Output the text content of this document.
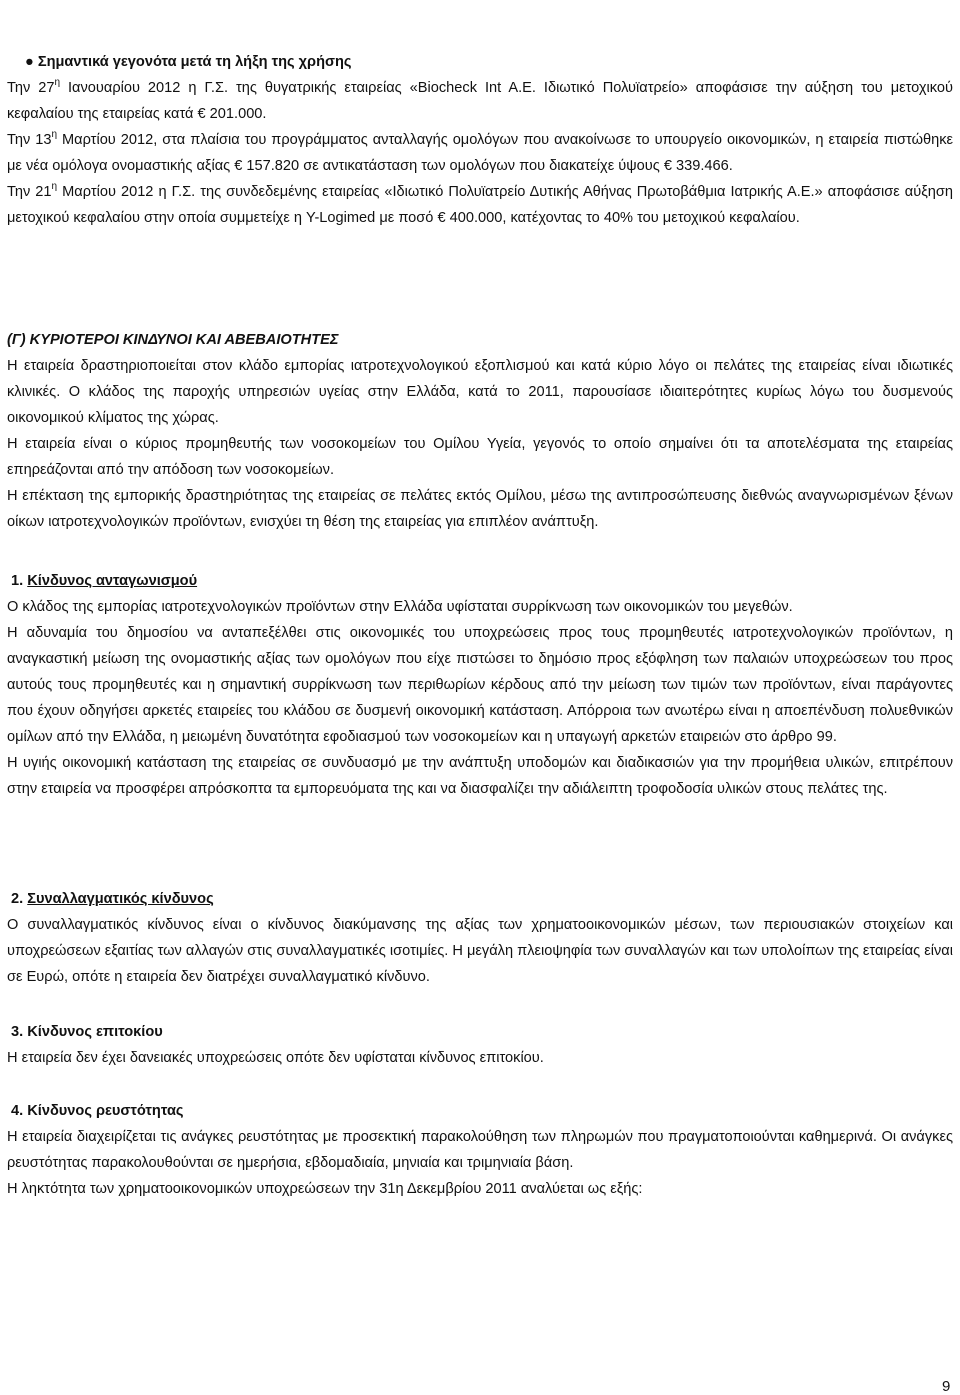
● Σημαντικά γεγονότα μετά τη λήξη της χρήσης

Την $27^\eta$ Ιανουαρίου 2012 η Γ.Σ. της θυγατρικής εταιρείας «Biocheck Int A.E. Ιδιωτικό Πολυϊατρείο» αποφάσισε την αύξηση του μετοχικού κεφαλαίου της εταιρείας κατά € 201.000.

Την $13^\eta$ Μαρτίου 2012, στα πλαίσια του προγράμματος ανταλλαγής ομολόγων που ανακοίνωσε το υπουργείο οικονομικών, η εταιρεία πιστώθηκε με νέα ομόλογα ονομαστικής αξίας € 157.820 σε αντικατάσταση των ομολόγων που διακατείχε ύψους € 339.466.

Την $21^\eta$ Μαρτίου 2012 η Γ.Σ. της συνδεδεμένης εταιρείας «Ιδιωτικό Πολυϊατρείο Δυτικής Αθήνας Πρωτοβάθμια Ιατρικής Α.Ε.» αποφάσισε αύξηση μετοχικού κεφαλαίου στην οποία συμμετείχε η Y-Logimed με ποσό € 400.000, κατέχοντας το 40% του μετοχικού κεφαλαίου.

(Γ) ΚΥΡΙΟΤΕΡΟΙ ΚΙΝΔΥΝΟΙ ΚΑΙ ΑΒΕΒΑΙΟΤΗΤΕΣ

Η εταιρεία δραστηριοποιείται στον κλάδο εμπορίας ιατροτεχνολογικού εξοπλισμού και κατά κύριο λόγο οι πελάτες της εταιρείας είναι ιδιωτικές κλινικές. Ο κλάδος της παροχής υπηρεσιών υγείας στην Ελλάδα, κατά το 2011, παρουσίασε ιδιαιτερότητες κυρίως λόγω του δυσμενούς οικονομικού κλίματος της χώρας.

Η εταιρεία είναι ο κύριος προμηθευτής των νοσοκομείων του Ομίλου Υγεία, γεγονός το οποίο σημαίνει ότι τα αποτελέσματα της εταιρείας επηρεάζονται από την απόδοση των νοσοκομείων.

Η επέκταση της εμπορικής δραστηριότητας της εταιρείας σε πελάτες εκτός Ομίλου, μέσω της αντιπροσώπευσης διεθνώς αναγνωρισμένων ξένων οίκων ιατροτεχνολογικών προϊόντων, ενισχύει τη θέση της εταιρείας για επιπλέον ανάπτυξη.

1. Κίνδυνος ανταγωνισμού

Ο κλάδος της εμπορίας ιατροτεχνολογικών προϊόντων στην Ελλάδα υφίσταται συρρίκνωση των οικονομικών του μεγεθών.

Η αδυναμία του δημοσίου να ανταπεξέλθει στις οικονομικές του υποχρεώσεις προς τους προμηθευτές ιατροτεχνολογικών προϊόντων, η αναγκαστική μείωση της ονομαστικής αξίας των ομολόγων που είχε πιστώσει το δημόσιο προς εξόφληση των παλαιών υποχρεώσεων του προς αυτούς τους προμηθευτές και η σημαντική συρρίκνωση των περιθωρίων κέρδους από την μείωση των τιμών των προϊόντων, είναι παράγοντες που έχουν οδηγήσει αρκετές εταιρείες του κλάδου σε δυσμενή οικονομική κατάσταση. Απόρροια των ανωτέρω είναι η αποεπένδυση πολυεθνικών ομίλων από την Ελλάδα, η μειωμένη δυνατότητα εφοδιασμού των νοσοκομείων και η υπαγωγή αρκετών εταιρειών στο άρθρο 99.

Η υγιής οικονομική κατάσταση της εταιρείας σε συνδυασμό με την ανάπτυξη υποδομών και διαδικασιών για την προμήθεια υλικών, επιτρέπουν στην εταιρεία να προσφέρει απρόσκοπτα τα εμπορευόματα της και να διασφαλίζει την αδιάλειπτη τροφοδοσία υλικών στους πελάτες της.

2. Συναλλαγματικός κίνδυνος

Ο συναλλαγματικός κίνδυνος είναι ο κίνδυνος διακύμανσης της αξίας των χρηματοοικονομικών μέσων, των περιουσιακών στοιχείων και υποχρεώσεων εξαιτίας των αλλαγών στις συναλλαγματικές ισοτιμίες. Η μεγάλη πλειοψηφία των συναλλαγών και των υπολοίπων της εταιρείας είναι σε Ευρώ, οπότε η εταιρεία δεν διατρέχει συναλλαγματικό κίνδυνο.

3. Κίνδυνος επιτοκίου

Η εταιρεία δεν έχει δανειακές υποχρεώσεις οπότε δεν υφίσταται κίνδυνος επιτοκίου.

4. Κίνδυνος ρευστότητας

Η εταιρεία διαχειρίζεται τις ανάγκες ρευστότητας με προσεκτική παρακολούθηση των πληρωμών που πραγματοποιούνται καθημερινά. Οι ανάγκες ρευστότητας παρακολουθούνται σε ημερήσια, εβδομαδιαία, μηνιαία και τριμηνιαία βάση.

Η ληκτότητα των χρηματοοικονομικών υποχρεώσεων την 31η Δεκεμβρίου 2011 αναλύεται ως εξής:

9
